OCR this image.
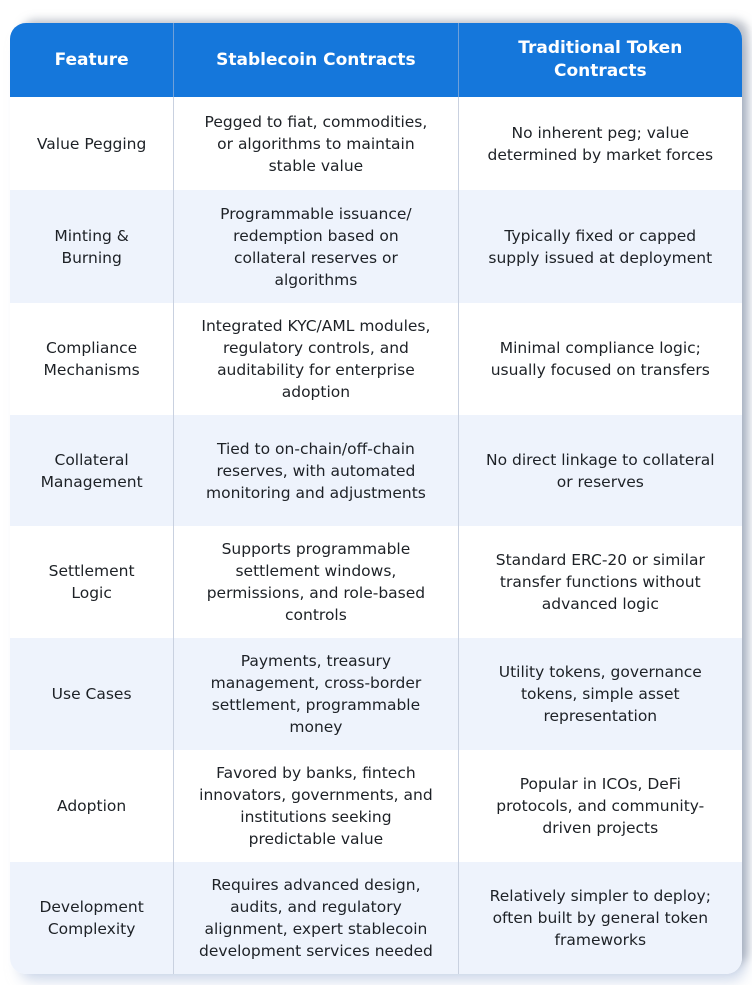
Feature	Stablecoin Contracts
Traditional Token Contracts
Value Pegging
Pegged to fiat, commodities, or algorithms to maintain stable value
No inherent peg; value determined by market forces
Minting & Burning
Programmable issuance/ redemption based on collateral reserves or algorithms
Typically fixed or capped supply issued at deployment
Compliance Mechanisms
Integrated KYC/AML modules, regulatory controls, and auditability for enterprise adoption
Minimal compliance logic; usually focused on transfers
Collateral Management
Tied to on-chain/off-chain reserves, with automated monitoring and adjustments
No direct linkage to collateral or reserves
Settlement Logic
Supports programmable settlement windows, permissions, and role-based controls
Standard ERC-20 or similar transfer functions without advanced logic
Use Cases
Payments, treasury management, cross-border settlement, programmable money
Utility tokens, governance tokens, simple asset representation
Adoption
Favored by banks, fintech innovators, governments, and institutions seeking predictable value
Popular in ICOs, DeFi protocols, and community-driven projects
Development Complexity
Requires advanced design, audits, and regulatory alignment, expert stablecoin development services needed
Relatively simpler to deploy; often built by general token frameworks
